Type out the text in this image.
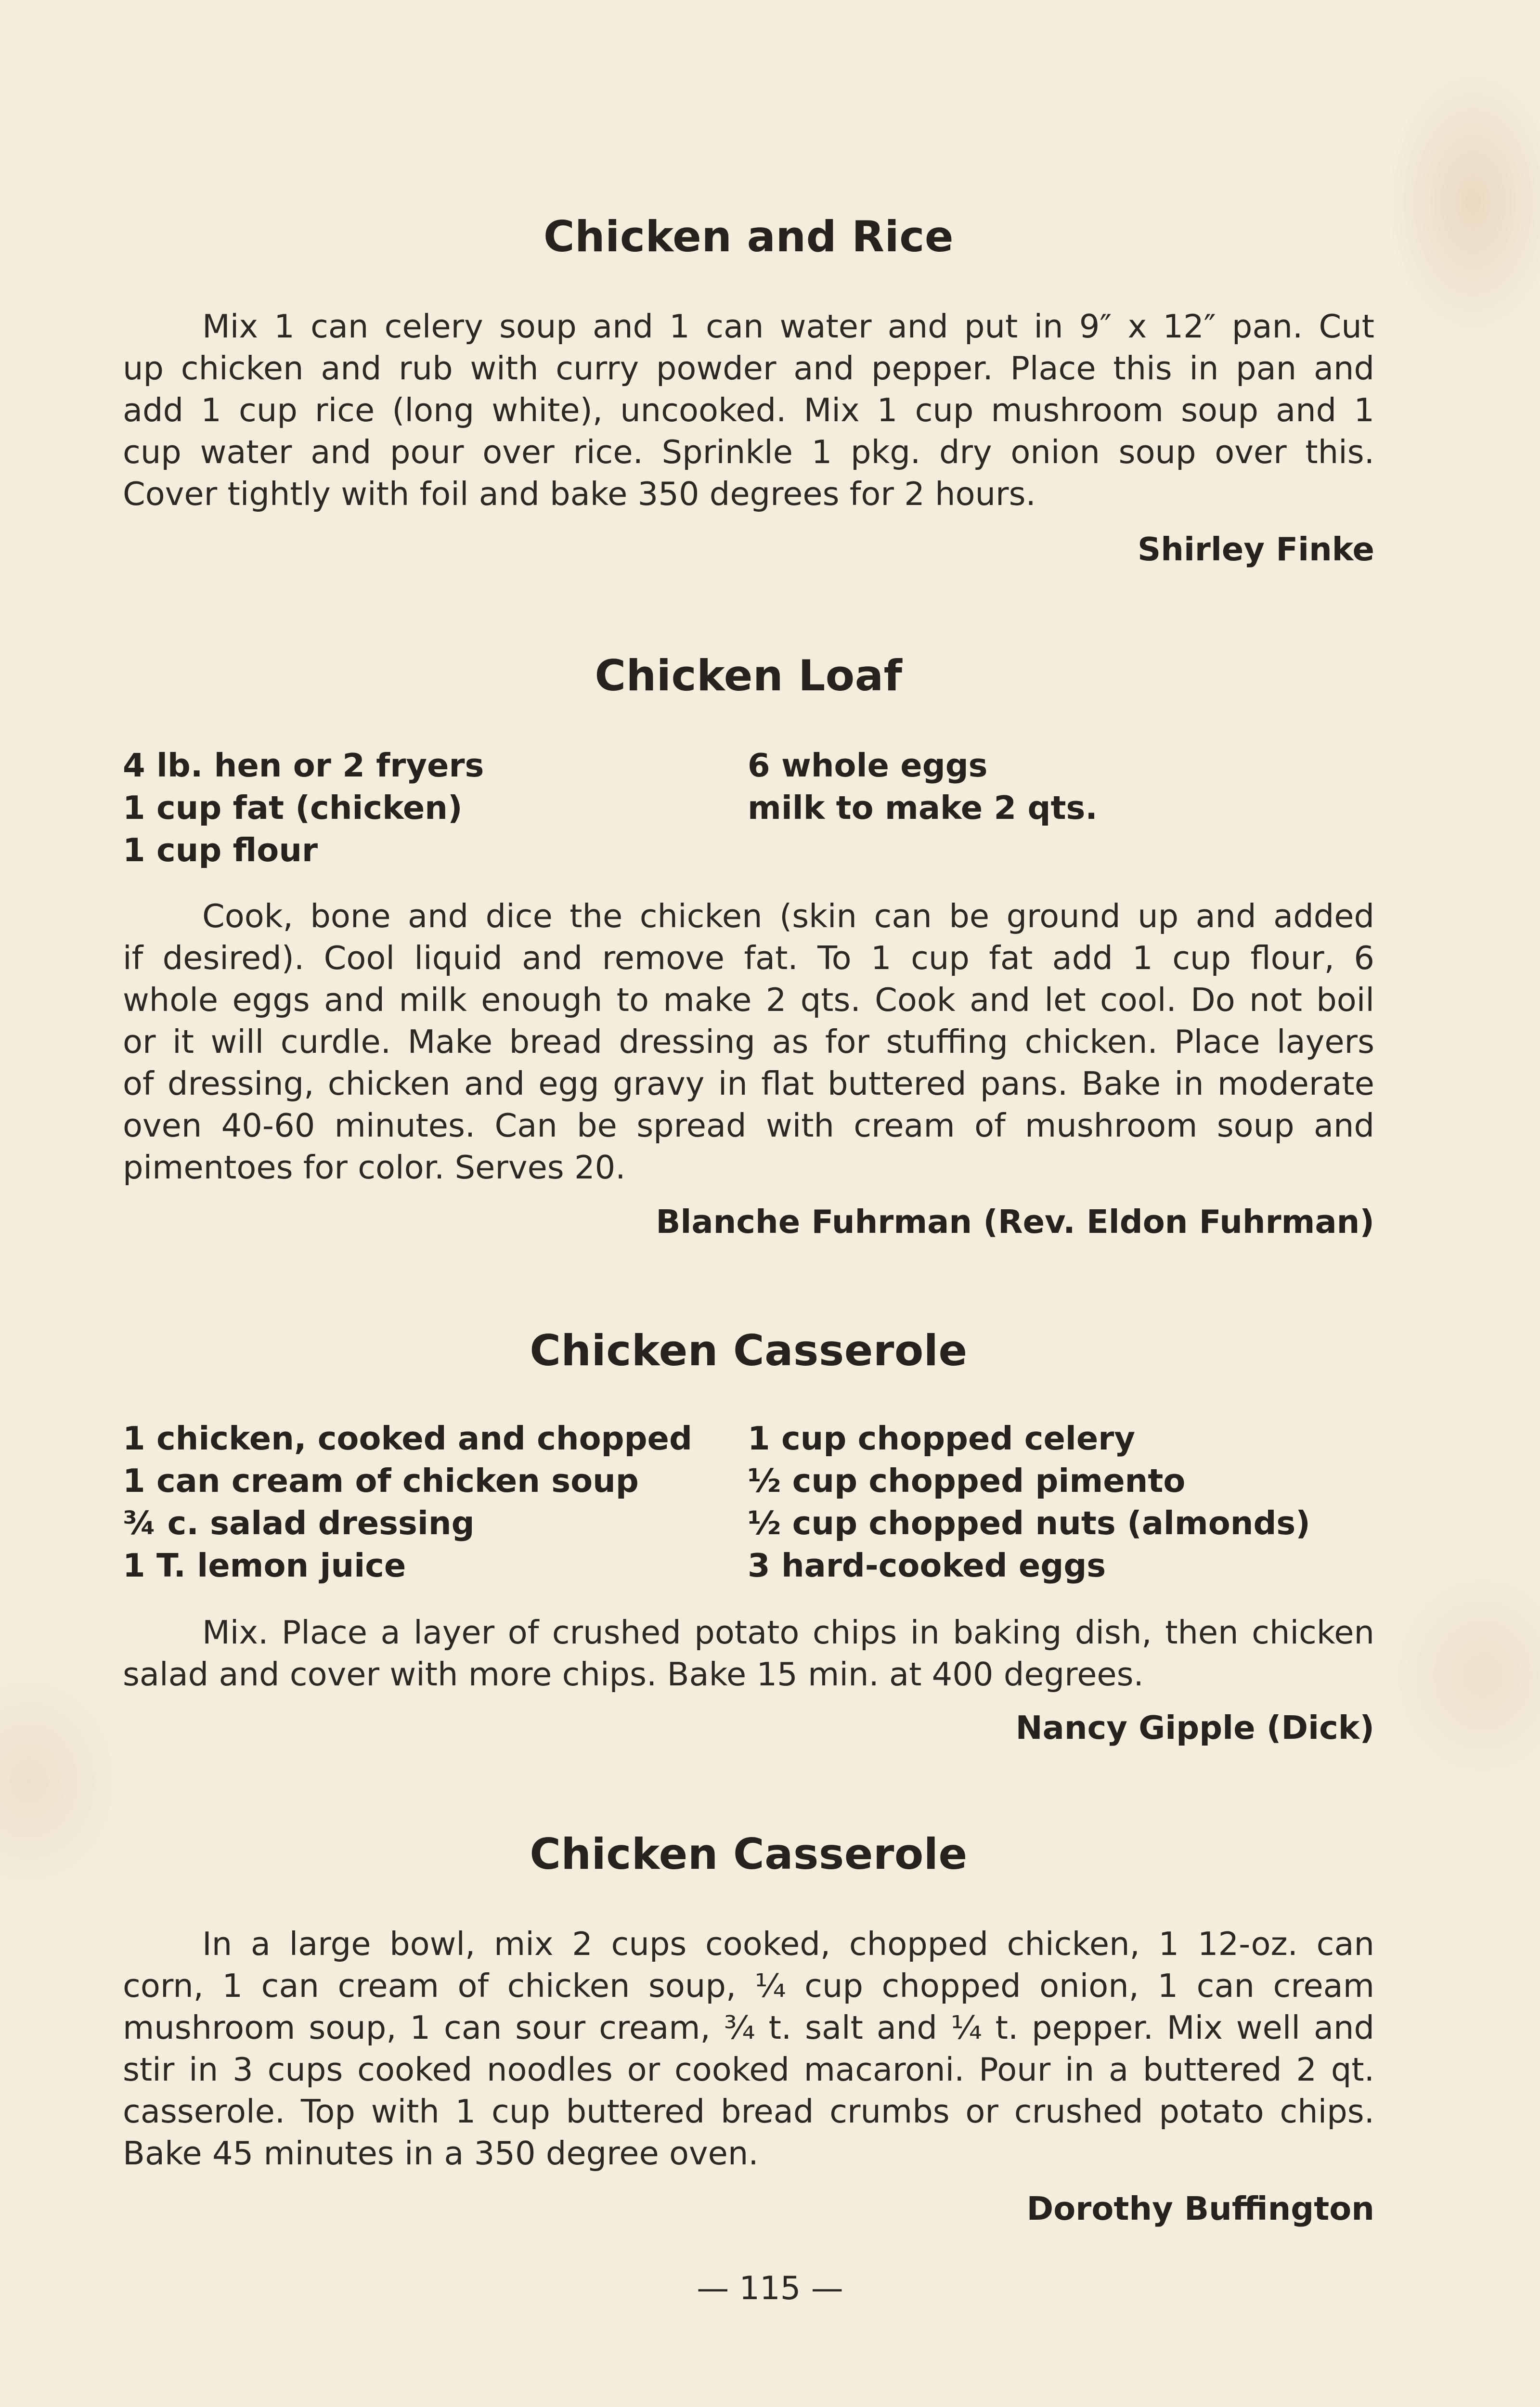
Chicken and Rice
Mix 1 can celery soup and 1 can water and put in 9″ x 12″ pan. Cut
up chicken and rub with curry powder and pepper. Place this in pan and
add 1 cup rice (long white), uncooked. Mix 1 cup mushroom soup and 1
cup water and pour over rice. Sprinkle 1 pkg. dry onion soup over this.
Cover tightly with foil and bake 350 degrees for 2 hours.
Shirley Finke
Chicken Loaf
4 lb. hen or 2 fryers
1 cup fat (chicken)
1 cup flour
6 whole eggs
milk to make 2 qts.
Cook, bone and dice the chicken (skin can be ground up and added
if desired). Cool liquid and remove fat. To 1 cup fat add 1 cup flour, 6
whole eggs and milk enough to make 2 qts. Cook and let cool. Do not boil
or it will curdle. Make bread dressing as for stuffing chicken. Place layers
of dressing, chicken and egg gravy in flat buttered pans. Bake in moderate
oven 40-60 minutes. Can be spread with cream of mushroom soup and
pimentoes for color. Serves 20.
Blanche Fuhrman (Rev. Eldon Fuhrman)
Chicken Casserole
1 chicken, cooked and chopped
1 can cream of chicken soup
¾ c. salad dressing
1 T. lemon juice
1 cup chopped celery
½ cup chopped pimento
½ cup chopped nuts (almonds)
3 hard-cooked eggs
Mix. Place a layer of crushed potato chips in baking dish, then chicken
salad and cover with more chips. Bake 15 min. at 400 degrees.
Nancy Gipple (Dick)
Chicken Casserole
In a large bowl, mix 2 cups cooked, chopped chicken, 1 12-oz. can
corn, 1 can cream of chicken soup, ¼ cup chopped onion, 1 can cream
mushroom soup, 1 can sour cream, ¾ t. salt and ¼ t. pepper. Mix well and
stir in 3 cups cooked noodles or cooked macaroni. Pour in a buttered 2 qt.
casserole. Top with 1 cup buttered bread crumbs or crushed potato chips.
Bake 45 minutes in a 350 degree oven.
Dorothy Buffington
— 115 —
